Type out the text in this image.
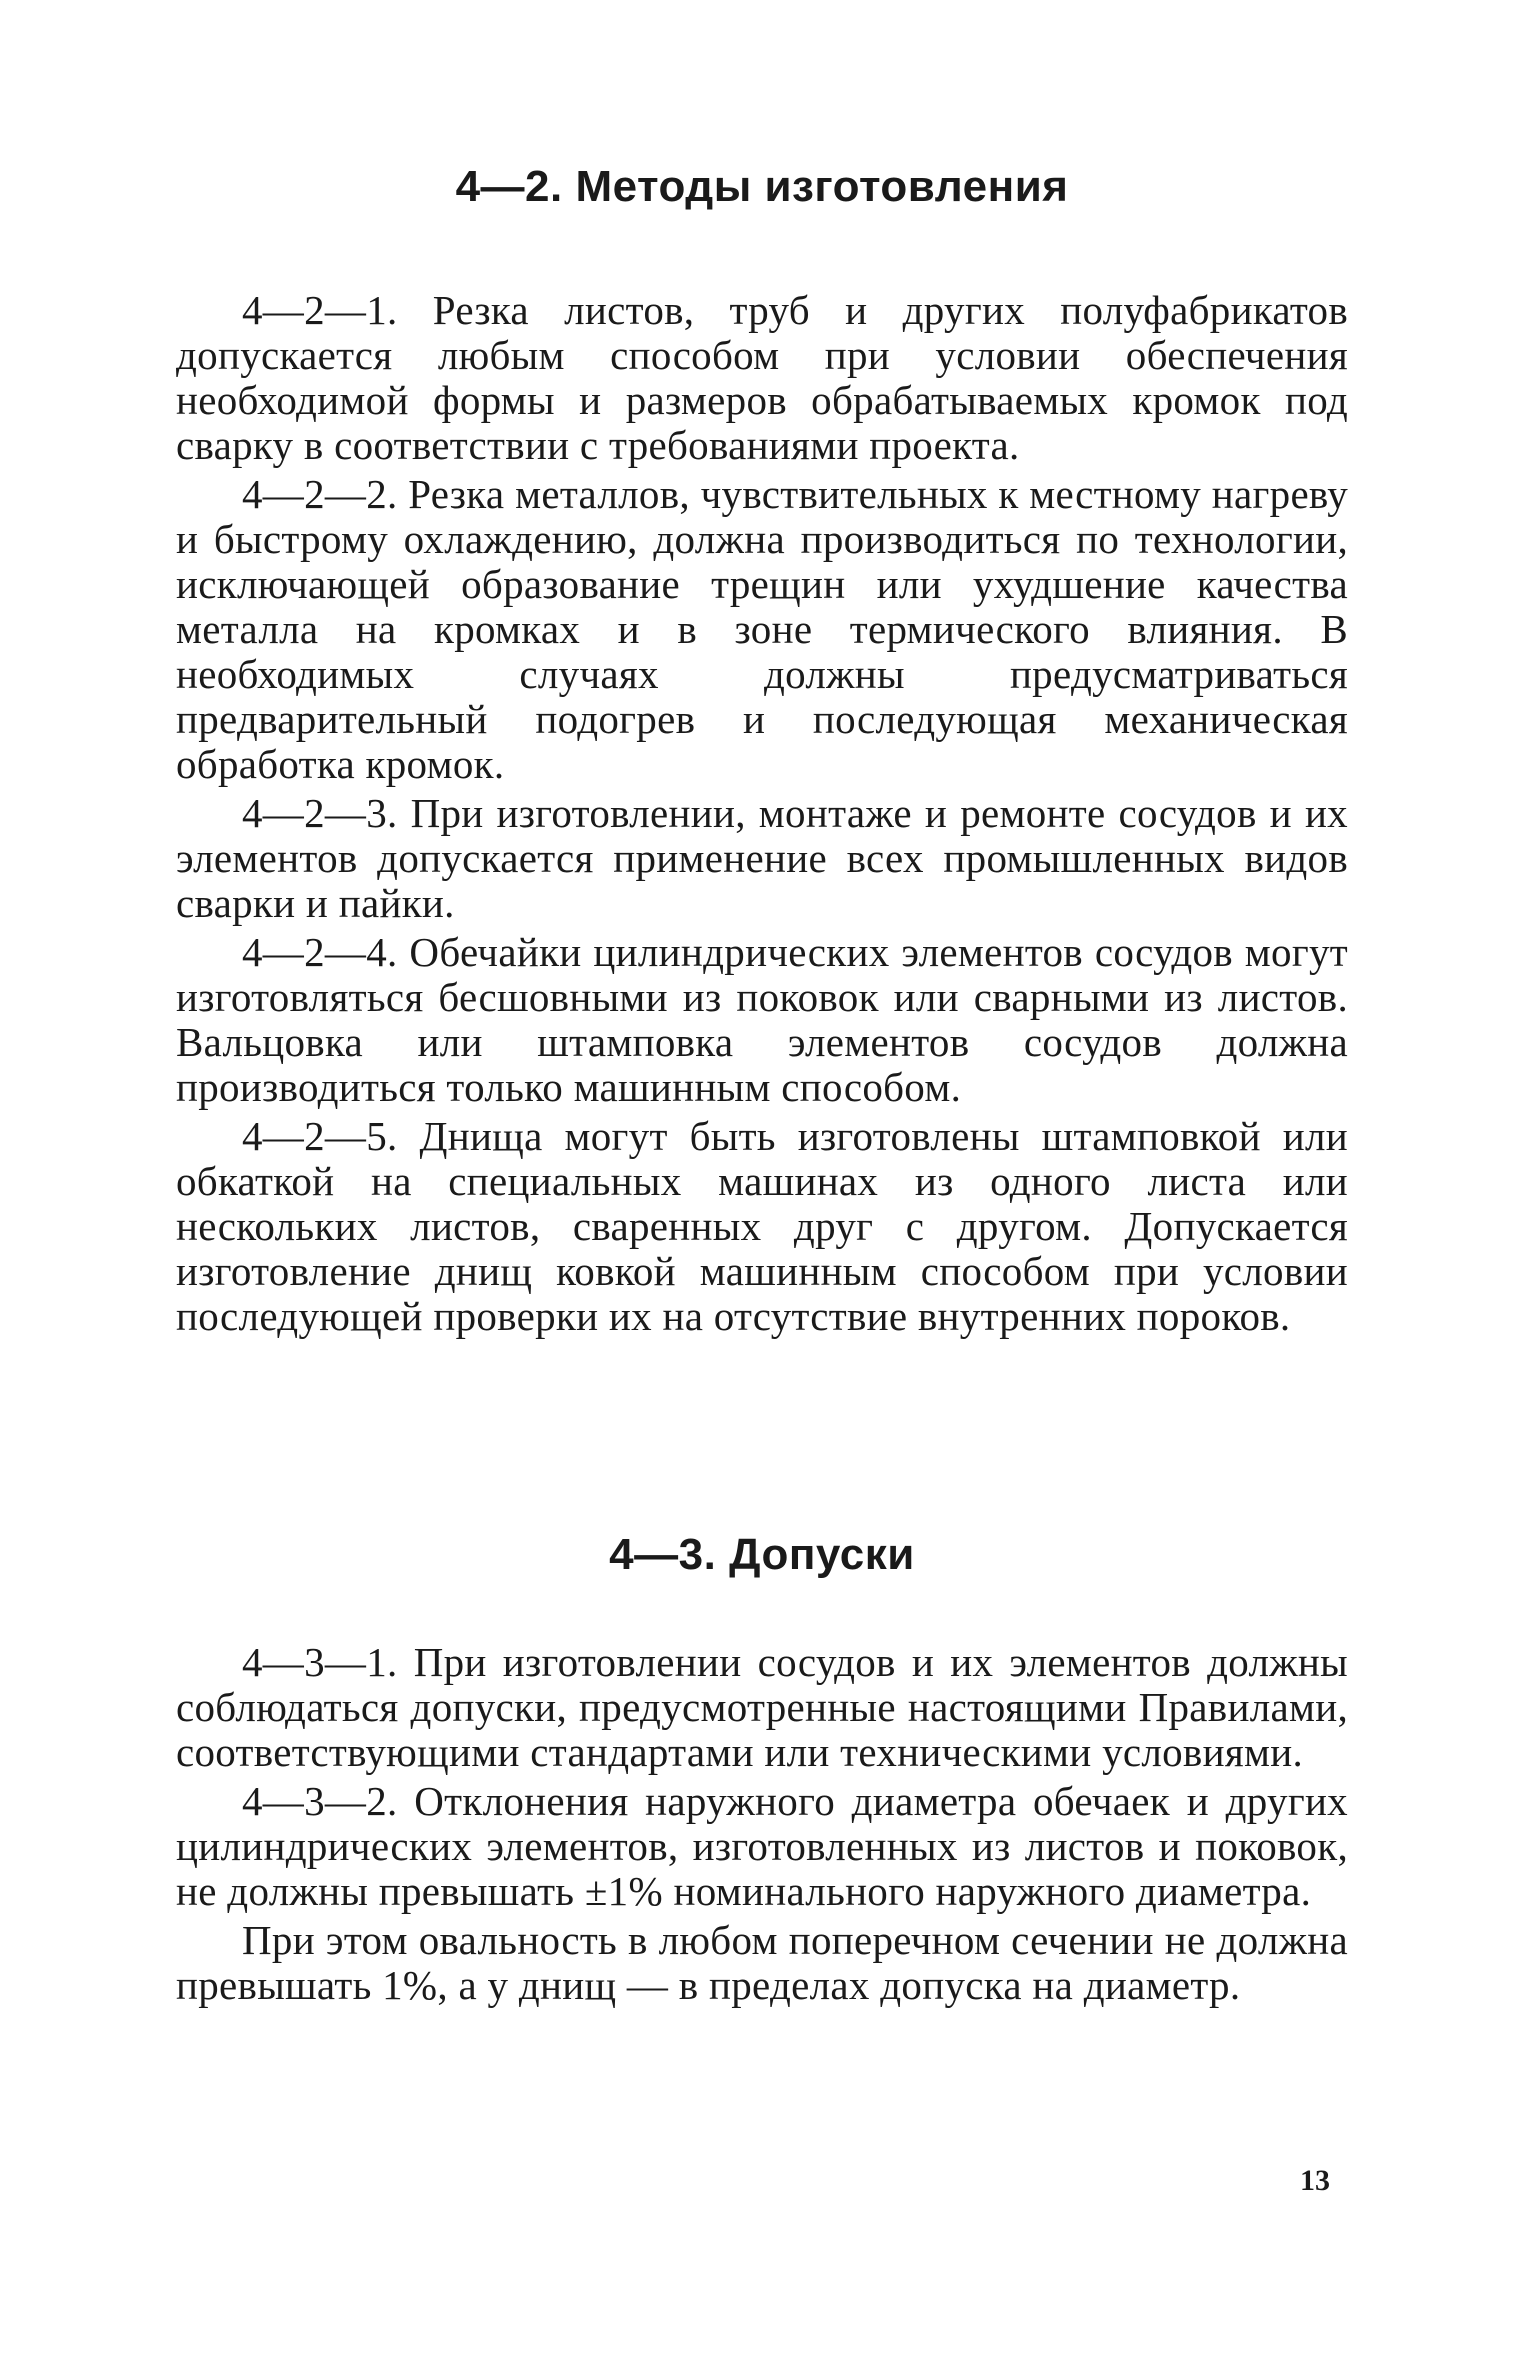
4—2. Методы изготовления

4—2—1. Резка листов, труб и других полуфабрикатов допускается любым способом при условии обеспечения необходимой формы и размеров обрабатываемых кромок под сварку в соответствии с требованиями проекта.

4—2—2. Резка металлов, чувствительных к местному нагреву и быстрому охлаждению, должна производиться по технологии, исключающей образование трещин или ухудшение качества металла на кромках и в зоне термического влияния. В необходимых случаях должны предусматриваться предварительный подогрев и последующая механическая обработка кромок.

4—2—3. При изготовлении, монтаже и ремонте сосудов и их элементов допускается применение всех промышленных видов сварки и пайки.

4—2—4. Обечайки цилиндрических элементов сосудов могут изготовляться бесшовными из поковок или сварными из листов. Вальцовка или штамповка элементов сосудов должна производиться только машинным способом.

4—2—5. Днища могут быть изготовлены штамповкой или обкаткой на специальных машинах из одного листа или нескольких листов, сваренных друг с другом. Допускается изготовление днищ ковкой машинным способом при условии последующей проверки их на отсутствие внутренних пороков.

4—3. Допуски

4—3—1. При изготовлении сосудов и их элементов должны соблюдаться допуски, предусмотренные настоящими Правилами, соответствующими стандартами или техническими условиями.

4—3—2. Отклонения наружного диаметра обечаек и других цилиндрических элементов, изготовленных из листов и поковок, не должны превышать ±1% номинального наружного диаметра.

При этом овальность в любом поперечном сечении не должна превышать 1%, а у днищ — в пределах допуска на диаметр.

13
